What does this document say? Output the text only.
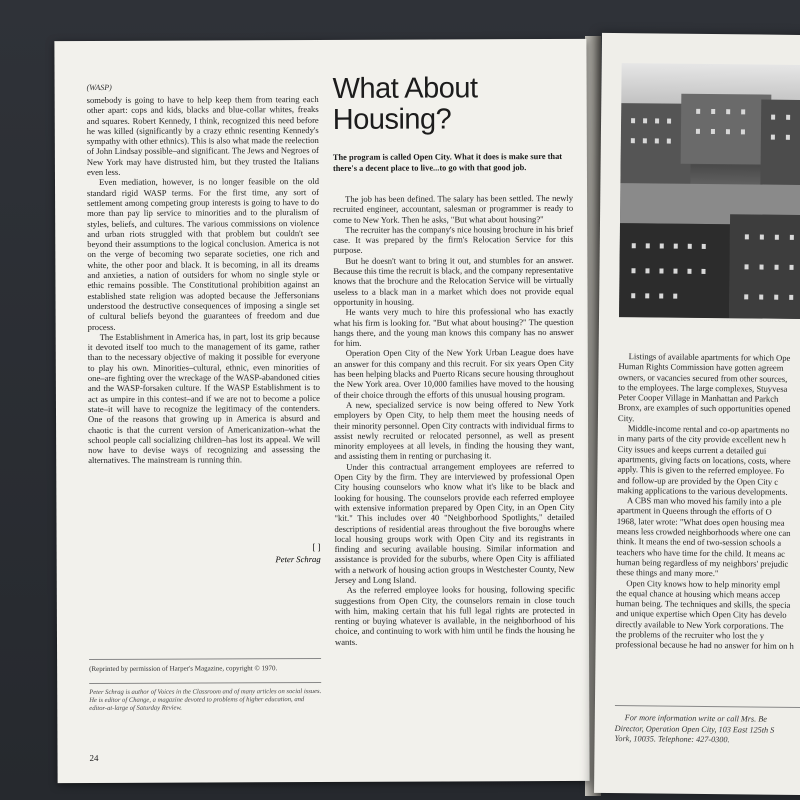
(WASP)

somebody is going to have to help keep them from tearing each other apart: cops and kids, blacks and blue-collar whites, freaks and squares. Robert Kennedy, I think, recognized this need before he was killed (significantly by a crazy ethnic resenting Kennedy's sympathy with other ethnics). This is also what made the reelection of John Lindsay possible–and significant. The Jews and Negroes of New York may have distrusted him, but they trusted the Italians even less.

Even mediation, however, is no longer feasible on the old standard rigid WASP terms. For the first time, any sort of settlement among competing group interests is going to have to do more than pay lip service to minorities and to the pluralism of styles, beliefs, and cultures. The various commissions on violence and urban riots struggled with that problem but couldn't see beyond their assumptions to the logical conclusion. America is not on the verge of becoming two separate societies, one rich and white, the other poor and black. It is becoming, in all its dreams and anxieties, a nation of outsiders for whom no single style or ethic remains possible. The Constitutional prohibition against an established state religion was adopted because the Jeffersonians understood the destructive consequences of imposing a single set of cultural beliefs beyond the guarantees of freedom and due process.

The Establishment in America has, in part, lost its grip because it devoted itself too much to the management of its game, rather than to the necessary objective of making it possible for everyone to play his own. Minorities–cultural, ethnic, even minorities of one–are fighting over the wreckage of the WASP-abandoned cities and the WASP-forsaken culture. If the WASP Establishment is to act as umpire in this contest–and if we are not to become a police state–it will have to recognize the legitimacy of the contenders. One of the reasons that growing up in America is absurd and chaotic is that the current version of Americanization–what the school people call socializing children–has lost its appeal. We will now have to devise ways of recognizing and assessing the alternatives. The mainstream is running thin.

[ ]
Peter Schrag
(Reprinted by permission of Harper's Magazine, copyright © 1970.
Peter Schrag is author of Voices in the Classroom and of many articles on social issues. He is editor of Change, a magazine devoted to problems of higher education, and editor-at-large of Saturday Review.
24
What About
Housing?
The program is called Open City. What it does is make sure that there's a decent place to live...to go with that good job.

The job has been defined. The salary has been settled. The newly recruited engineer, accountant, salesman or programmer is ready to come to New York. Then he asks, "But what about housing?"

The recruiter has the company's nice housing brochure in his brief case. It was prepared by the firm's Relocation Service for this purpose.

But he doesn't want to bring it out, and stumbles for an answer. Because this time the recruit is black, and the company representative knows that the brochure and the Relocation Service will be virtually useless to a black man in a market which does not provide equal opportunity in housing.

He wants very much to hire this professional who has exactly what his firm is looking for. "But what about housing?" The question hangs there, and the young man knows this company has no answer for him.

Operation Open City of the New York Urban League does have an answer for this company and this recruit. For six years Open City has been helping blacks and Puerto Ricans secure housing throughout the New York area. Over 10,000 families have moved to the housing of their choice through the efforts of this unusual housing program.

A new, specialized service is now being offered to New York employers by Open City, to help them meet the housing needs of their minority personnel. Open City contracts with individual firms to assist newly recruited or relocated personnel, as well as present minority employees at all levels, in finding the housing they want, and assisting them in renting or purchasing it.

Under this contractual arrangement employees are referred to Open City by the firm. They are interviewed by professional Open City housing counselors who know what it's like to be black and looking for housing. The counselors provide each referred employee with extensive information prepared by Open City, in an Open City "kit." This includes over 40 "Neighborhood Spotlights," detailed descriptions of residential areas throughout the five boroughs where local housing groups work with Open City and its registrants in finding and securing available housing. Similar information and assistance is provided for the suburbs, where Open City is affiliated with a network of housing action groups in Westchester County, New Jersey and Long Island.

As the referred employee looks for housing, following specific suggestions from Open City, the counselors remain in close touch with him, making certain that his full legal rights are protected in renting or buying whatever is available, in the neighborhood of his choice, and continuing to work with him until he finds the housing he wants.

Listings of available apartments for which Ope

Human Rights Commission have gotten agreem

owners, or vacancies secured from other sources,

to the employees. The large complexes, Stuyvesa

Peter Cooper Village in Manhattan and Parkch

Bronx, are examples of such opportunities opened

City.

Middle-income rental and co-op apartments no

in many parts of the city provide excellent new h

City issues and keeps current a detailed gui

apartments, giving facts on locations, costs, where

apply. This is given to the referred employee. Fo

and follow-up are provided by the Open City c

making applications to the various developments.

A CBS man who moved his family into a ple

apartment in Queens through the efforts of O

1968, later wrote: "What does open housing mea

means less crowded neighborhoods where one can

think. It means the end of two-session schools a

teachers who have time for the child. It means ac

human being regardless of my neighbors' prejudic

these things and many more."

Open City knows how to help minority empl

the equal chance at housing which means accep

human being. The techniques and skills, the specia

and unique expertise which Open City has develo

directly available to New York corporations. The

the problems of the recruiter who lost the y

professional because he had no answer for him on h

For more information write or call Mrs. Be
Director, Operation Open City, 103 East 125th S
York, 10035. Telephone: 427-0300.
